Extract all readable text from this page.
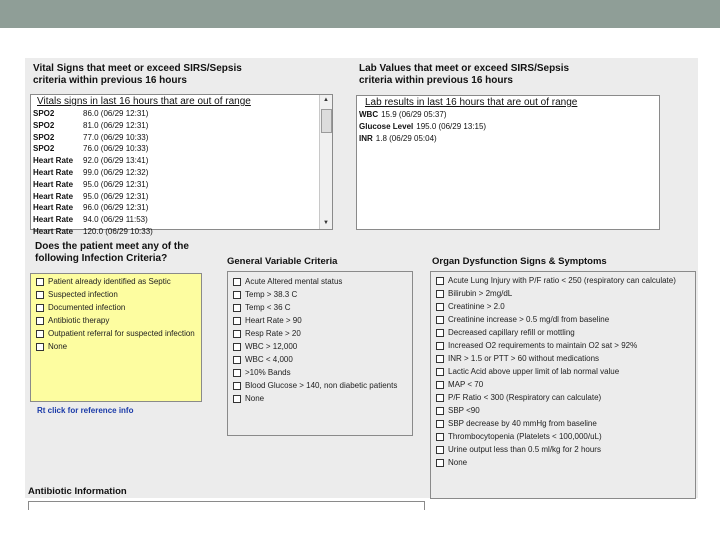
Vital Signs that meet or exceed SIRS/Sepsis
criteria within previous 16 hours
Vitals signs in last 16 hours that are out of range
SPO2	86.0 (06/29 12:31)
SPO2	81.0 (06/29 12:31)
SPO2	77.0 (06/29 10:33)
SPO2	76.0 (06/29 10:33)
Heart Rate 92.0 (06/29 13:41)
Heart Rate 99.0 (06/29 12:32)
Heart Rate 95.0 (06/29 12:31)
Heart Rate 95.0 (06/29 12:31)
Heart Rate 96.0 (06/29 12:31)
Heart Rate 94.0 (06/29 11:53)
Heart Rate 120.0 (06/29 10:33)
▲
▼
Lab Values that meet or exceed SIRS/Sepsis
criteria within previous 16 hours
Lab results in last 16 hours that are out of range
WBC 15.9 (06/29 05:37)
Glucose Level 195.0 (06/29 13:15)
INR 1.8 (06/29 05:04)
Does the patient meet any of the
following Infection Criteria?
Patient already identified as Septic
Suspected infection
Documented infection
Antibiotic therapy
Outpatient referral for suspected infection
None
Rt click for reference info
General Variable Criteria
Acute Altered mental status
Temp > 38.3 C
Temp < 36 C
Heart Rate > 90
Resp Rate > 20
WBC > 12,000
WBC < 4,000
>10% Bands
Blood Glucose > 140, non diabetic patients
None
Organ Dysfunction Signs & Symptoms
Acute Lung Injury with P/F ratio < 250 (respiratory can calculate)
Bilirubin > 2mg/dL
Creatinine > 2.0
Creatinine increase > 0.5 mg/dl from baseline
Decreased capillary refill or mottling
Increased O2 requirements to maintain O2 sat > 92%
INR > 1.5 or PTT > 60 without medications
Lactic Acid above upper limit of lab normal value
MAP < 70
P/F Ratio < 300 (Respiratory can calculate)
SBP <90
SBP decrease by 40 mmHg from baseline
Thrombocytopenia (Platelets < 100,000/uL)
Urine output less than 0.5 ml/kg for 2 hours
None
Antibiotic Information
